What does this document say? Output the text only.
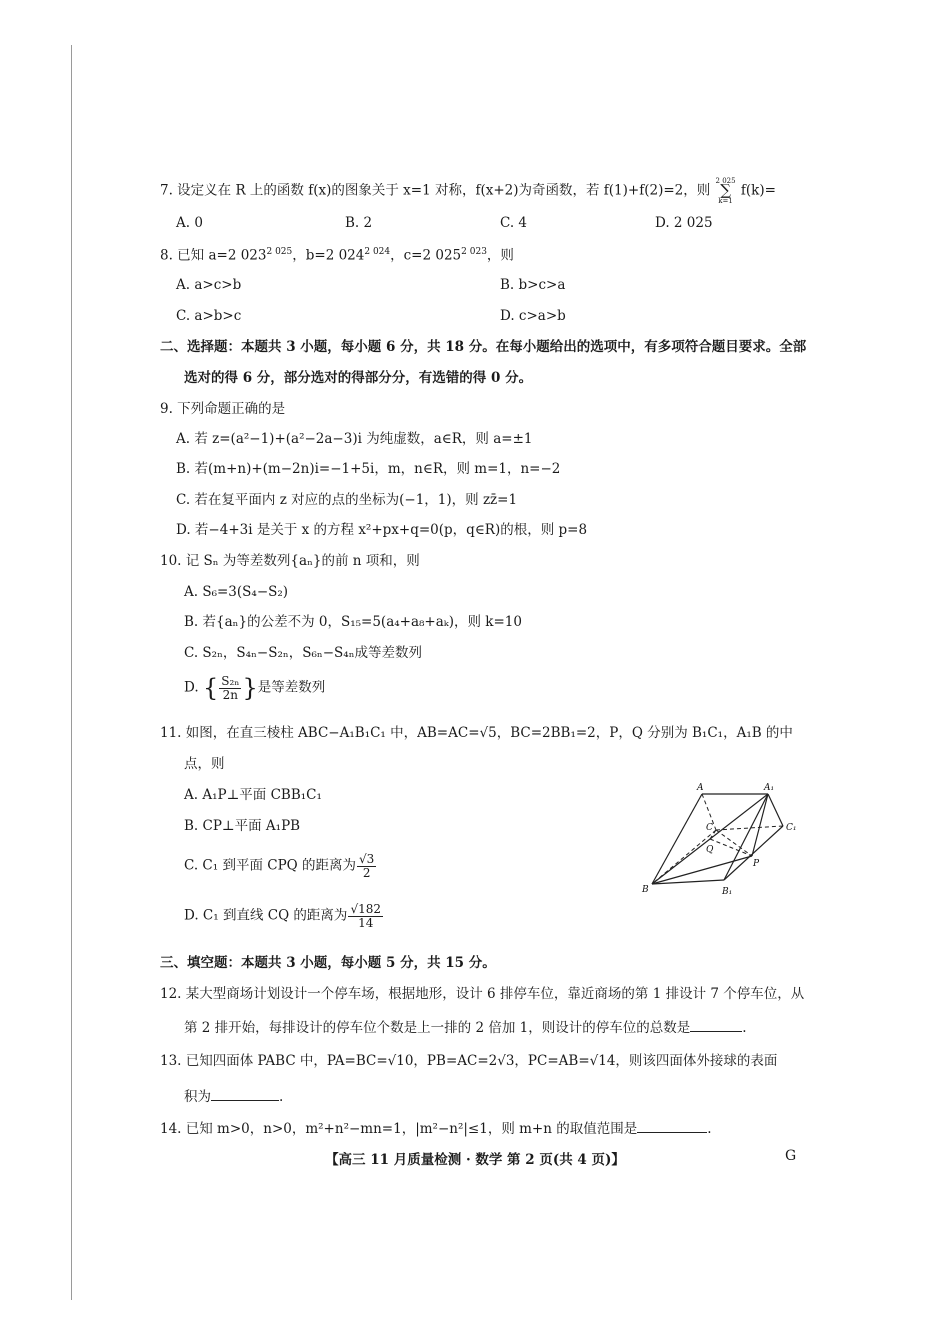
7. 设定义在 R 上的函数 f(x)的图象关于 x=1 对称，f(x+2)为奇函数，若 f(1)+f(2)=2，则
2 025
∑
k=1
f(k)=
A. 0	B. 2	C. 4	D. 2 025
8. 已知 a=2 $023^{2 025}$，b=2 $024^{2 024}$，c=2 $025^{2 023}$，则
A. a>c>b	B. b>c>a
C. a>b>c	D. c>a>b
二、选择题：本题共 3 小题，每小题 6 分，共 18 分。在每小题给出的选项中，有多项符合题目要求。全部
选对的得 6 分，部分选对的得部分分，有选错的得 0 分。
9. 下列命题正确的是
A. 若 z=(a²−1)+(a²−2a−3)i 为纯虚数，a∈R，则 a=±1
B. 若(m+n)+(m−2n)i=−1+5i，m，n∈R，则 m=1，n=−2
C. 若在复平面内 z 对应的点的坐标为(−1，1)，则 zz̄=1
D. 若−4+3i 是关于 x 的方程 x²+px+q=0(p，q∈R)的根，则 p=8
10. 记 Sₙ 为等差数列{aₙ}的前 n 项和，则
A. S₆=3(S₄−S₂)
B. 若{aₙ}的公差不为 0，S₁₅=5(a₄+a₈+aₖ)，则 k=10
C. S₂ₙ，S₄ₙ−S₂ₙ，S₆ₙ−S₄ₙ成等差数列
D. { $\frac{\text{S₂ₙ}}{2n}$ }是等差数列
11. 如图，在直三棱柱 ABC−A₁B₁C₁ 中，AB=AC=√5，BC=2BB₁=2，P，Q 分别为 B₁C₁，A₁B 的中
点，则
A. A₁P⊥平面 CBB₁C₁
B. CP⊥平面 A₁PB
C. C₁ 到平面 CPQ 的距离为 $\frac{√3}{2}$
D. C₁ 到直线 CQ 的距离为 $\frac{√182}{14}$
A	A₁
C	C₁
Q
P
B	B₁
三、填空题：本题共 3 小题，每小题 5 分，共 15 分。
12. 某大型商场计划设计一个停车场，根据地形，设计 6 排停车位，靠近商场的第 1 排设计 7 个停车位，从
第 2 排开始，每排设计的停车位个数是上一排的 2 倍加 1，则设计的停车位的总数是	.
13. 已知四面体 PABC 中，PA=BC=√10，PB=AC=2√3，PC=AB=√14，则该四面体外接球的表面
积为	.
14. 已知 m>0，n>0，m²+n²−mn=1，|m²−n²|≤1，则 m+n 的取值范围是	.
【高三 11 月质量检测 · 数学 第 2 页(共 4 页)】	G
